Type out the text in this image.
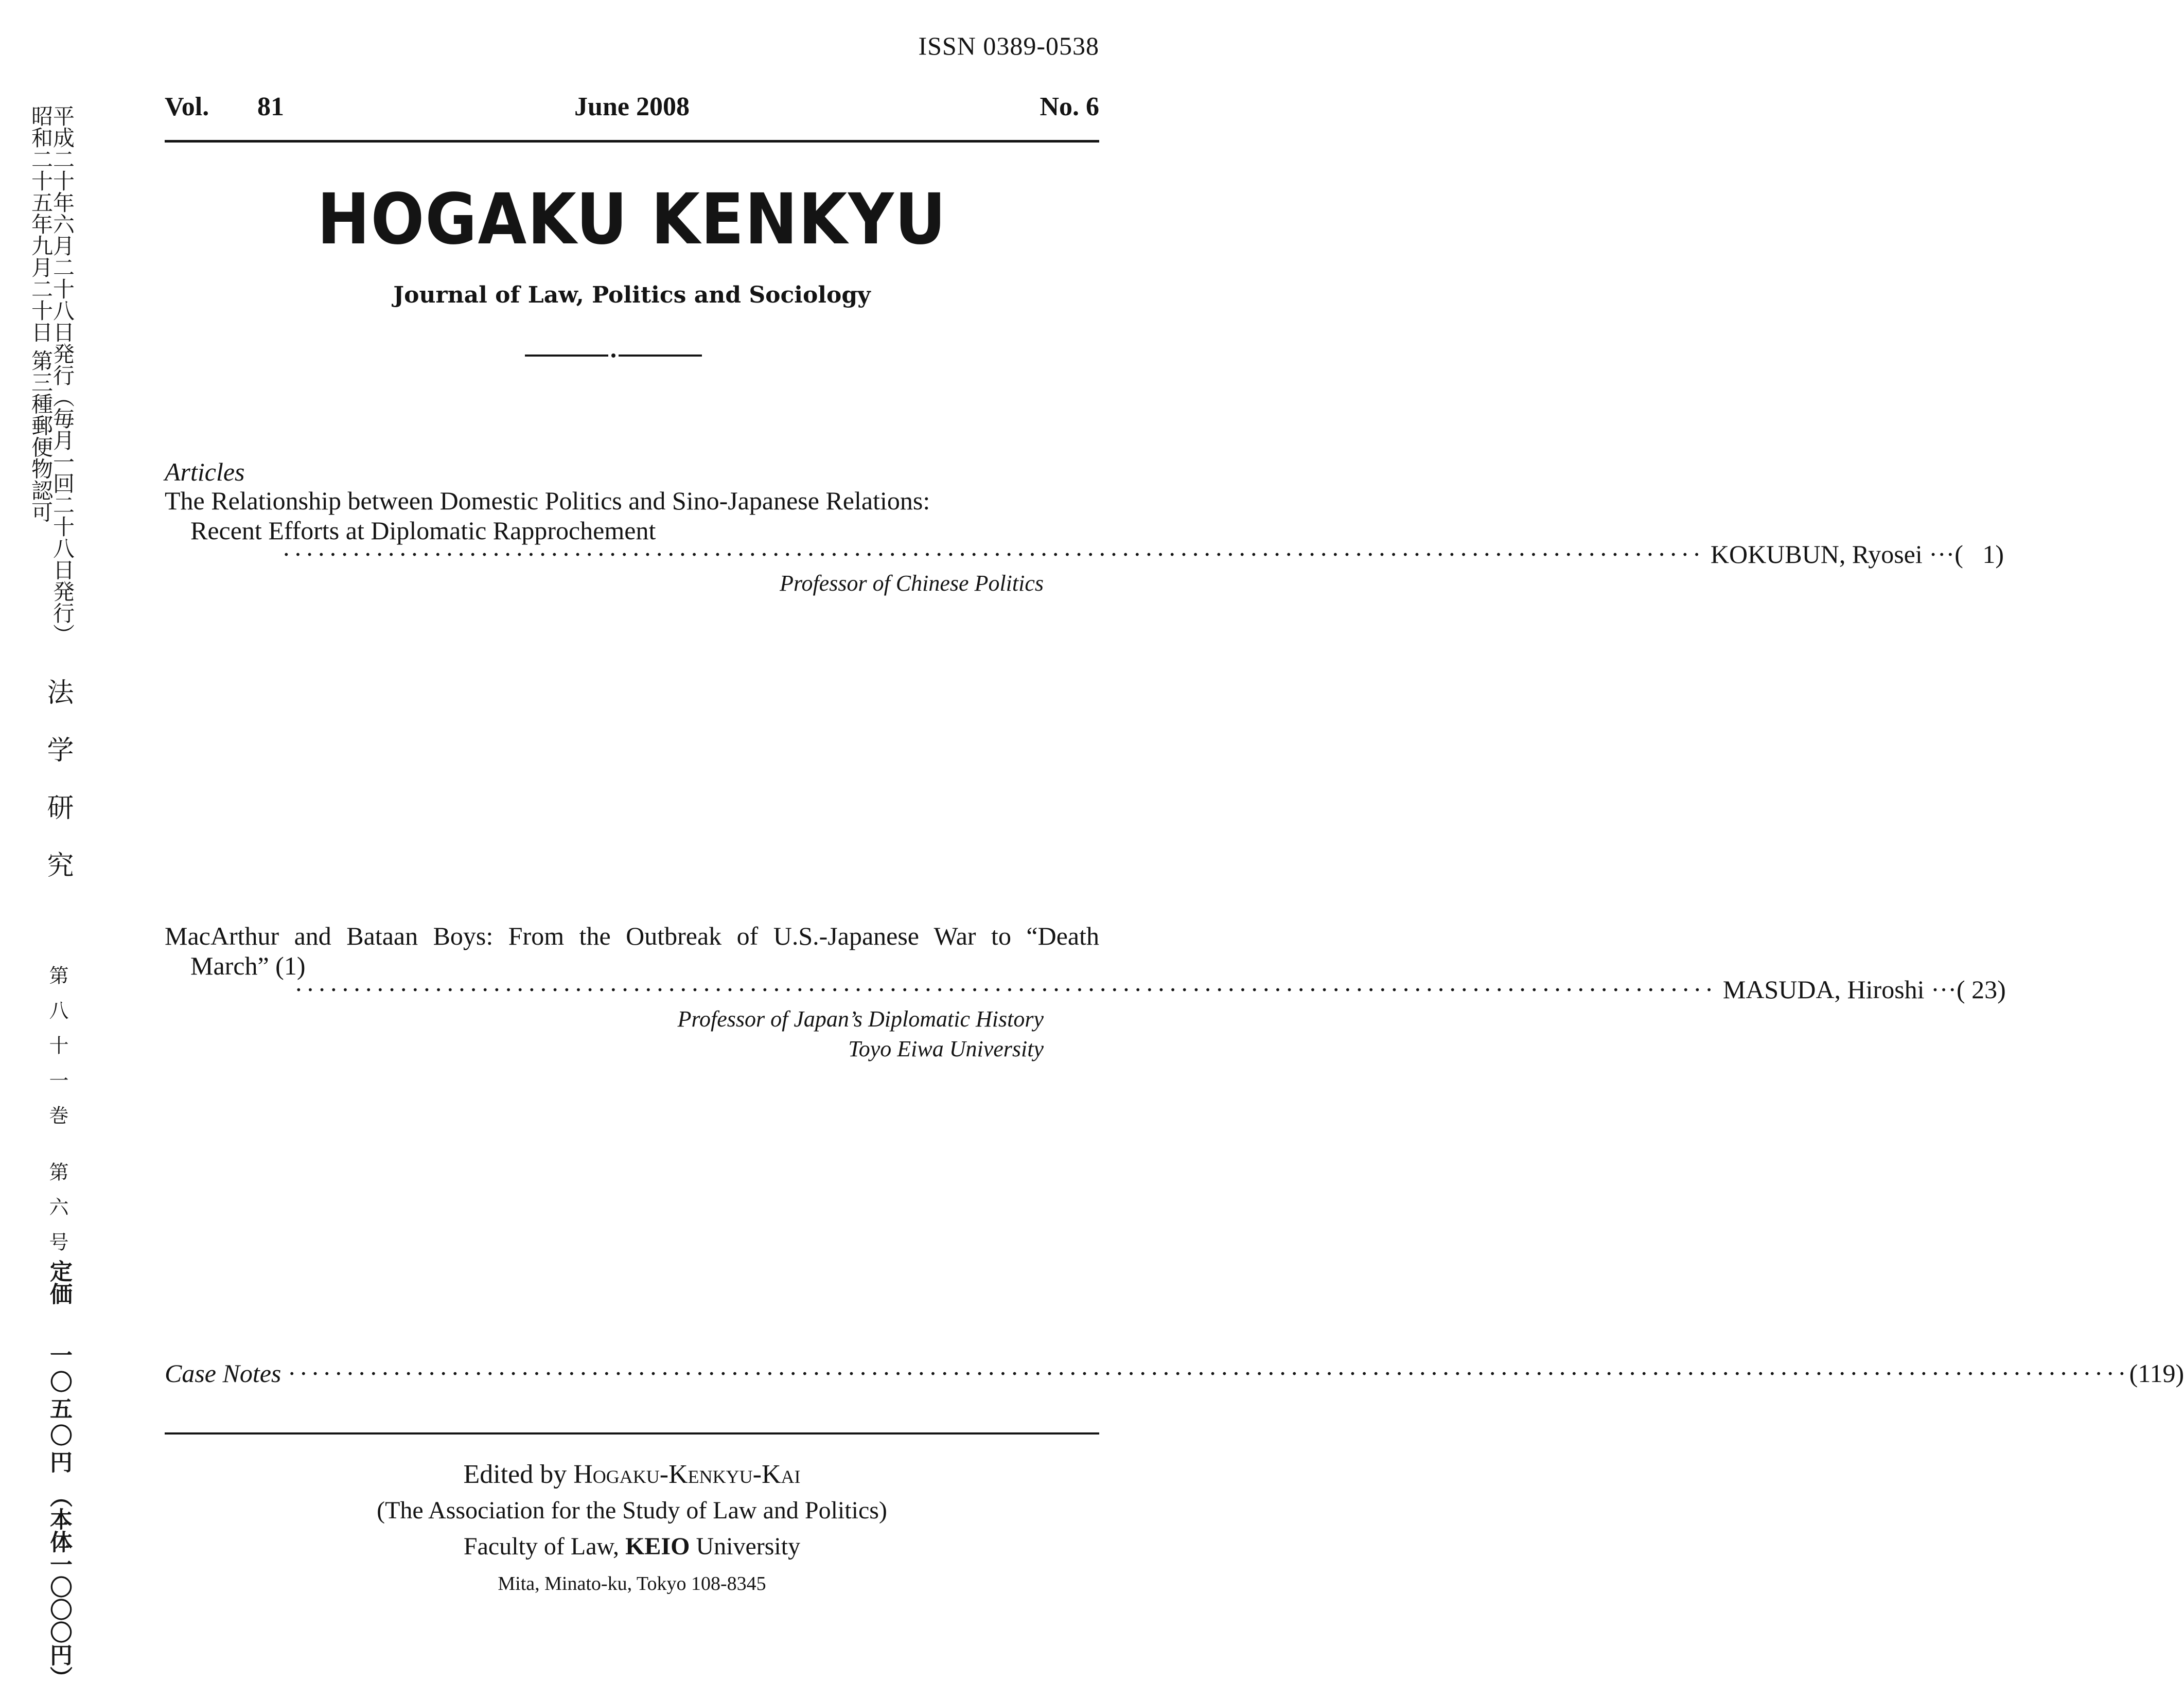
ISSN 0389-0538
Vol. 81	June 2008	No. 6
HOGAKU KENKYU
Journal of Law, Politics and Sociology
Articles
The Relationship between Domestic Politics and Sino-Japanese Relations:
Recent Efforts at Diplomatic Rapprochement
··························································································································
KOKUBUN, Ryosei ···( 1 )
Professor of Chinese Politics
MacArthur and Bataan Boys: From the Outbreak of U.S.-Japanese War to “Death
March” (1)
··························································································································
MASUDA, Hiroshi ···( 23 )
Professor of Japan’s Diplomatic History
Toyo Eiwa University
Case Notes
······························································································································································ ( 119 )
Edited by Hogaku-Kenkyu-Kai
(The Association for the Study of Law and Politics)
Faculty of Law, KEIO University
Mita, Minato-ku, Tokyo 108-8345
平成二十年六月二十八日発行（毎月一回二十八日発行）
昭和二十五年九月二十日 第三種郵便物認可
法学研究
第八十一巻 第六号
定価 　 一〇五〇円 （本体一〇〇〇円）
